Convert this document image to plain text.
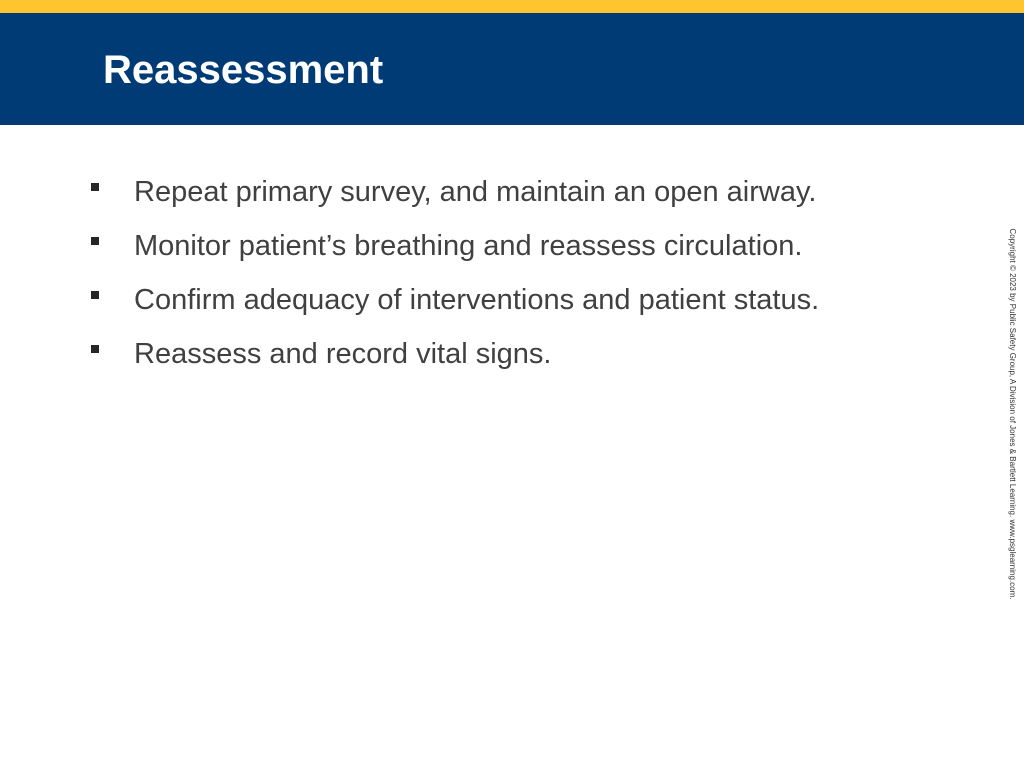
Reassessment
Repeat primary survey, and maintain an open airway.
Monitor patient’s breathing and reassess circulation.
Confirm adequacy of interventions and patient status.
Reassess and record vital signs.	Copyright © 2023 by Public Safety Group, A Division of Jones & Bartlett Learning. www.psglearning.com.
